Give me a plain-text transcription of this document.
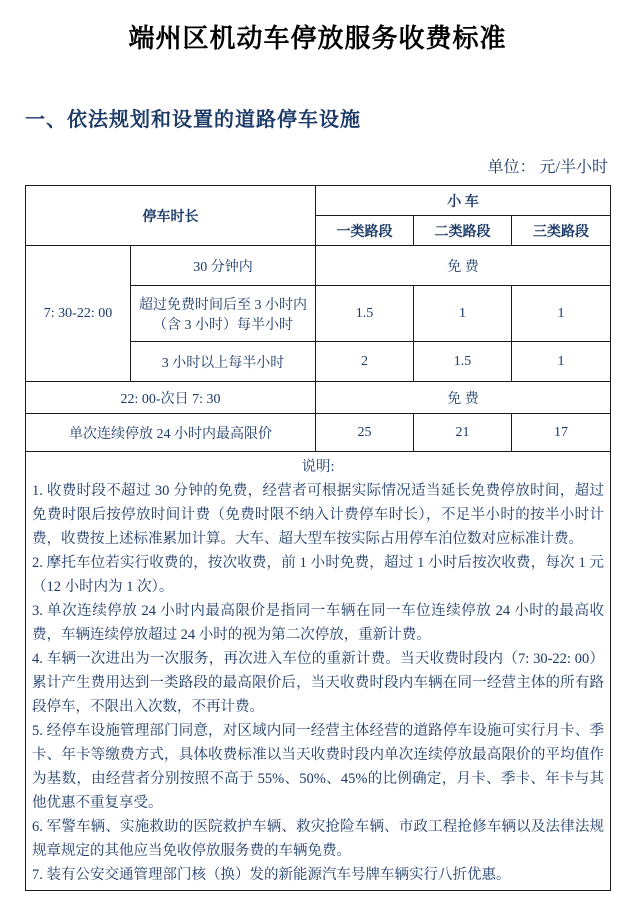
端州区机动车停放服务收费标准
一、依法规划和设置的道路停车设施
单位： 元/半小时
停车时长		小 车		
		一类路段	二类路段	三类路段
7: 30-22: 00	30 分钟内	免 费		
	超过免费时间后至 3 小时内（含 3 小时）每半小时	1.5	1	1
	3 小时以上每半小时	2	1.5	1
22: 00-次日 7: 30		免 费		
单次连续停放 24 小时内最高限价		25	21	17

说明:

1. 收费时段不超过 30 分钟的免费，经营者可根据实际情况适当延长免费停放时间，超过免费时限后按停放时间计费（免费时限不纳入计费停车时长），不足半小时的按半小时计费，收费按上述标准累加计算。大车、超大型车按实际占用停车泊位数对应标准计费。

2. 摩托车位若实行收费的，按次收费，前 1 小时免费，超过 1 小时后按次收费，每次 1 元（12 小时内为 1 次）。

3. 单次连续停放 24 小时内最高限价是指同一车辆在同一车位连续停放 24 小时的最高收费，车辆连续停放超过 24 小时的视为第二次停放，重新计费。

4. 车辆一次进出为一次服务，再次进入车位的重新计费。当天收费时段内（7: 30-22: 00）累计产生费用达到一类路段的最高限价后，当天收费时段内车辆在同一经营主体的所有路段停车，不限出入次数，不再计费。

5. 经停车设施管理部门同意，对区域内同一经营主体经营的道路停车设施可实行月卡、季卡、年卡等缴费方式，具体收费标准以当天收费时段内单次连续停放最高限价的平均值作为基数，由经营者分别按照不高于 55%、50%、45%的比例确定，月卡、季卡、年卡与其他优惠不重复享受。

6. 军警车辆、实施救助的医院救护车辆、救灾抢险车辆、市政工程抢修车辆以及法律法规规章规定的其他应当免收停放服务费的车辆免费。

7. 装有公安交通管理部门核（换）发的新能源汽车号牌车辆实行八折优惠。
